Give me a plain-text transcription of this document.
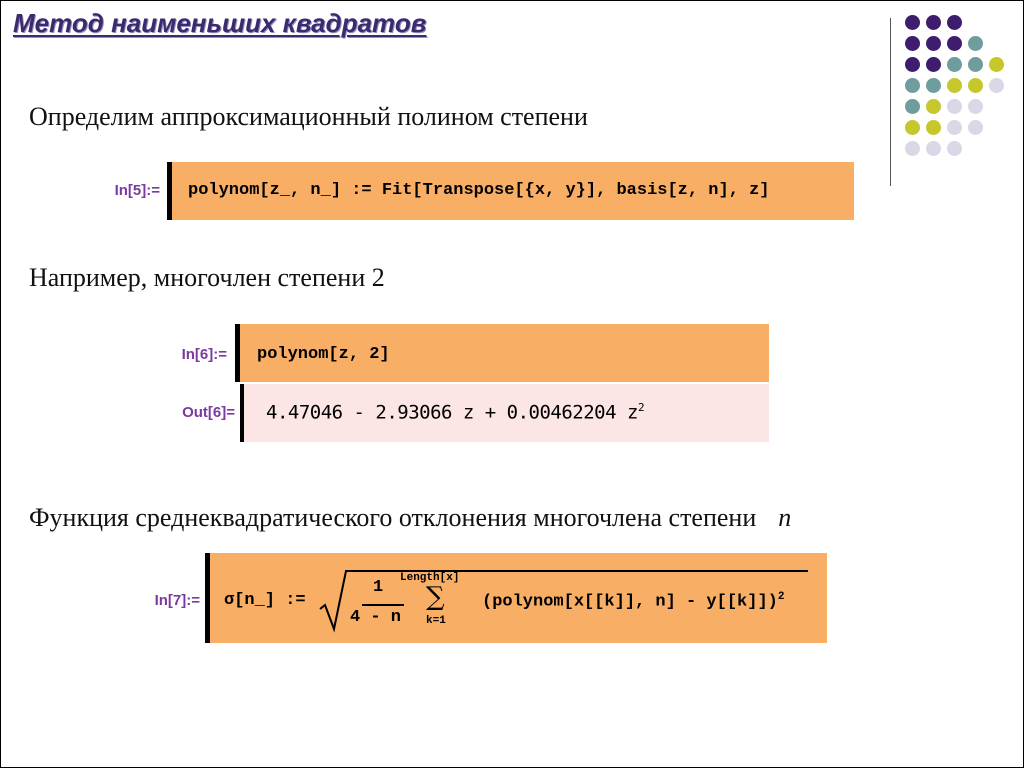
Метод наименьших квадратов
Определим аппроксимационный полином степени
In[5]:= polynom[z_, n_] := Fit[Transpose[{x, y}], basis[z, n], z]
Например, многочлен степени 2
In[6]:= polynom[z, 2]
Out[6]= 4.47046 - 2.93066 z + 0.00462204 $z^2$
Функция среднеквадратического отклонения многочлена степени n
In[7]:= σ[n_] :=
1
4 - n
Length[x]
∑
k=1
(polynom[x[[k]], n] - y[[k]])$^2$
